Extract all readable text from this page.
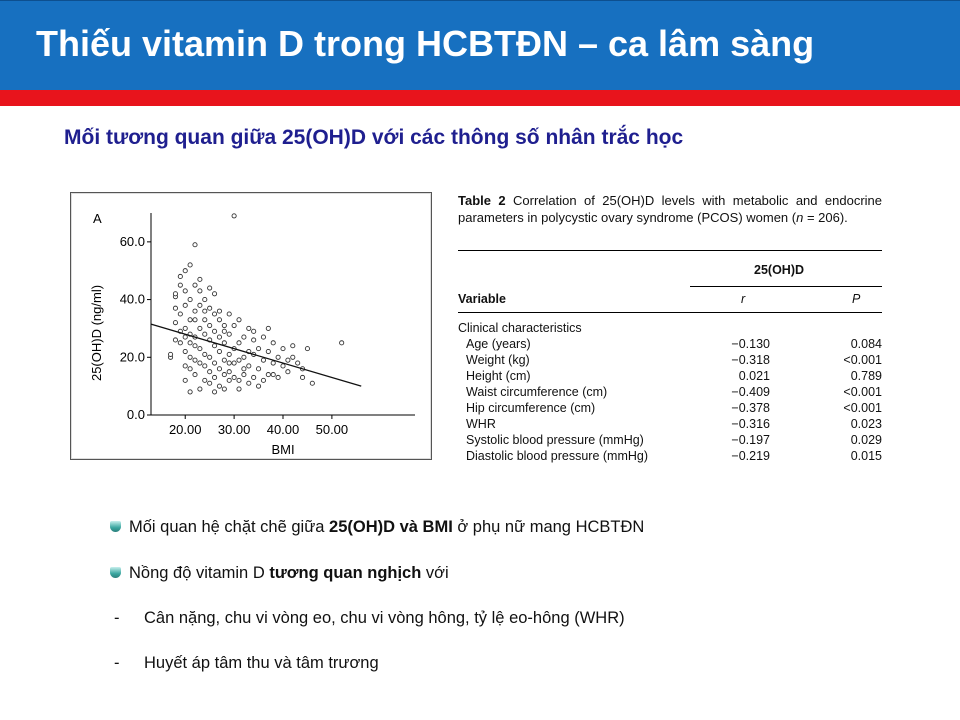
Thiếu vitamin D trong HCBTĐN – ca lâm sàng
Mối tương quan giữa 25(OH)D với các thông số nhân trắc học
A
0.0
20.0
40.0
60.0
20.00 30.00 40.00 50.00
BMI
25(OH)D (ng/ml)
Table 2 Correlation of 25(OH)D levels with metabolic and endocrine parameters in polycystic ovary syndrome (PCOS) women (n = 206).
25(OH)D
Variable	r	P
Clinical characteristics
Age (years)	−0.130	0.084
Weight (kg)	−0.318	<0.001
Height (cm)	0.021	0.789
Waist circumference (cm)	−0.409	<0.001
Hip circumference (cm)	−0.378	<0.001
WHR	−0.316	0.023
Systolic blood pressure (mmHg)	−0.197	0.029
Diastolic blood pressure (mmHg)	−0.219	0.015
Mối quan hệ chặt chẽ giữa 25(OH)D và BMI ở phụ nữ mang HCBTĐN
Nồng độ vitamin D tương quan nghịch với
- Cân nặng, chu vi vòng eo, chu vi vòng hông, tỷ lệ eo-hông (WHR)
- Huyết áp tâm thu và tâm trương
